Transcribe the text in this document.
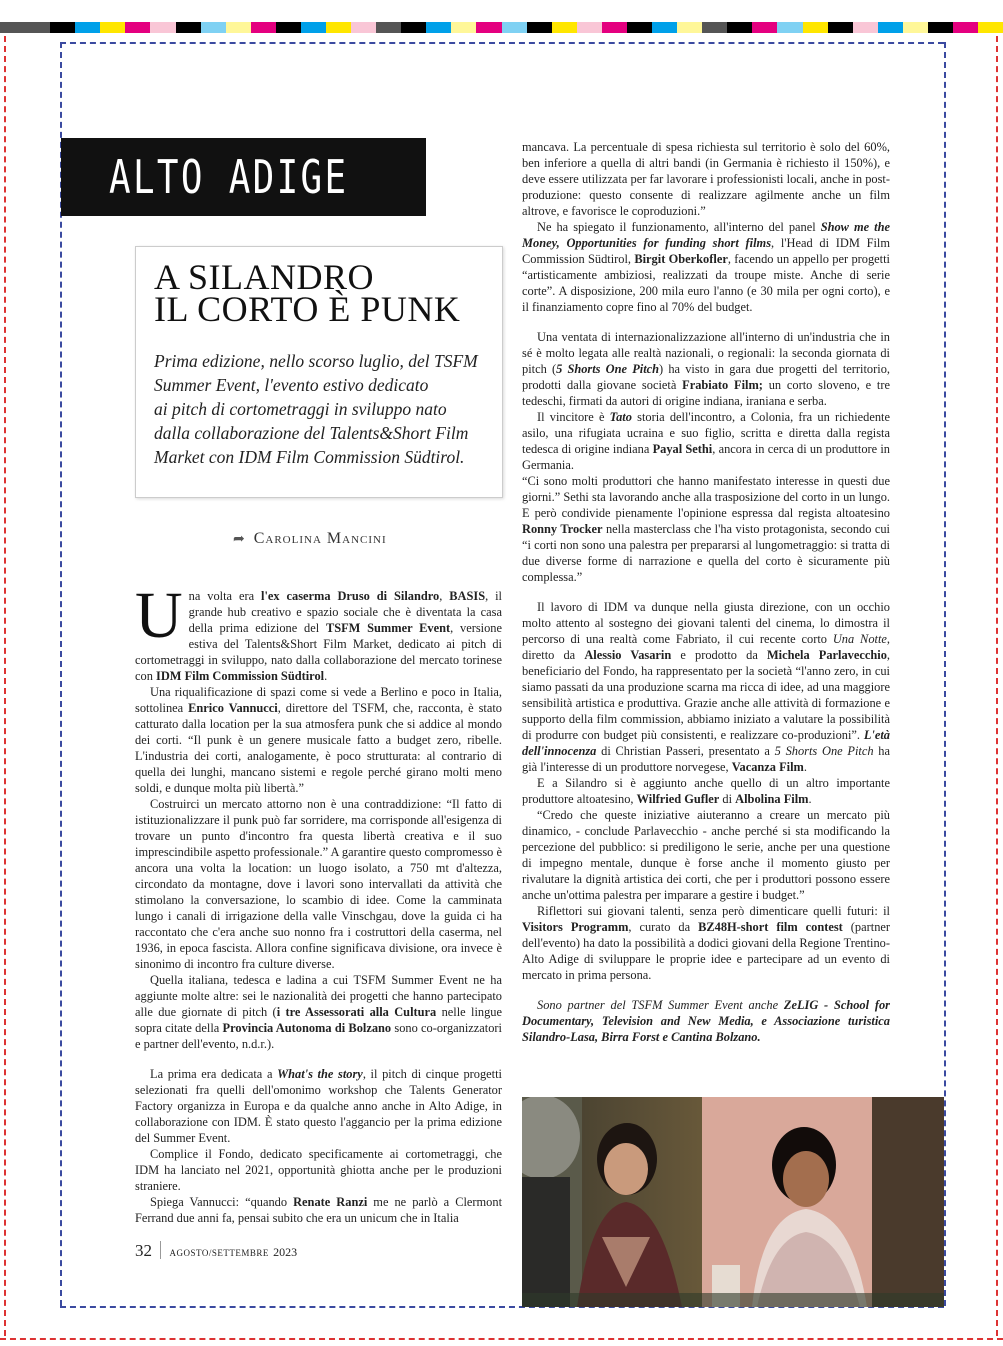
ALTO ADIGE
A SILANDRO
IL CORTO È PUNK
Prima edizione, nello scorso luglio, del TSFM
Summer Event, l'evento estivo dedicato
ai pitch di cortometraggi in sviluppo nato
dalla collaborazione del Talents&Short Film
Market con IDM Film Commission Südtirol.
➦ Carolina Mancini

Una volta era l'ex caserma Druso di Silandro, BASIS, il grande hub creativo e spazio sociale che è diventata la casa della prima edizione del TSFM Summer Event, versione estiva del Talents&Short Film Market, dedicato ai pitch di cortometraggi in sviluppo, nato dalla collaborazione del mercato torinese con IDM Film Commission Südtirol.

Una riqualificazione di spazi come si vede a Berlino e poco in Italia, sottolinea Enrico Vannucci, direttore del TSFM, che, racconta, è stato catturato dalla location per la sua atmosfera punk che si addice al mondo dei corti. “Il punk è un genere musicale fatto a budget zero, ribelle. L'industria dei corti, analogamente, è poco strutturata: al contrario di quella dei lunghi, mancano sistemi e regole perché girano molti meno soldi, e dunque molta più libertà.”

Costruirci un mercato attorno non è una contraddizione: “Il fatto di istituzionalizzare il punk può far sorridere, ma corrisponde all'esigenza di trovare un punto d'incontro fra questa libertà creativa e il suo imprescindibile aspetto professionale.” A garantire questo compromesso è ancora una volta la location: un luogo isolato, a 750 mt d'altezza, circondato da montagne, dove i lavori sono intervallati da attività che stimolano la conversazione, lo scambio di idee. Come la camminata lungo i canali di irrigazione della valle Vinschgau, dove la guida ci ha raccontato che c'era anche suo nonno fra i costruttori della caserma, nel 1936, in epoca fascista. Allora confine significava divisione, ora invece è sinonimo di incontro fra culture diverse.

Quella italiana, tedesca e ladina a cui TSFM Summer Event ne ha aggiunte molte altre: sei le nazionalità dei progetti che hanno partecipato alle due giornate di pitch (i tre Assessorati alla Cultura nelle lingue sopra citate della Provincia Autonoma di Bolzano sono co-organizzatori e partner dell'evento, n.d.r.).

La prima era dedicata a What's the story, il pitch di cinque progetti selezionati fra quelli dell'omonimo workshop che Talents Generator Factory organizza in Europa e da qualche anno anche in Alto Adige, in collaborazione con IDM. È stato questo l'aggancio per la prima edizione del Summer Event.

Complice il Fondo, dedicato specificamente ai cortometraggi, che IDM ha lanciato nel 2021, opportunità ghiotta anche per le produzioni straniere.

Spiega Vannucci: “quando Renate Ranzi me ne parlò a Clermont Ferrand due anni fa, pensai subito che era un unicum che in Italia

mancava. La percentuale di spesa richiesta sul territorio è solo del 60%, ben inferiore a quella di altri bandi (in Germania è richiesto il 150%), e deve essere utilizzata per far lavorare i professionisti locali, anche in post-produzione: questo consente di realizzare agilmente anche un film altrove, e favorisce le coproduzioni.”

Ne ha spiegato il funzionamento, all'interno del panel Show me the Money, Opportunities for funding short films, l'Head di IDM Film Commission Südtirol, Birgit Oberkofler, facendo un appello per progetti “artisticamente ambiziosi, realizzati da troupe miste. Anche di serie corte”. A disposizione, 200 mila euro l'anno (e 30 mila per ogni corto), e il finanziamento copre fino al 70% del budget.

Una ventata di internazionalizzazione all'interno di un'industria che in sé è molto legata alle realtà nazionali, o regionali: la seconda giornata di pitch (5 Shorts One Pitch) ha visto in gara due progetti del territorio, prodotti dalla giovane società Frabiato Film; un corto sloveno, e tre tedeschi, firmati da autori di origine indiana, iraniana e serba.

Il vincitore è Tato storia dell'incontro, a Colonia, fra un richiedente asilo, una rifugiata ucraina e suo figlio, scritta e diretta dalla regista tedesca di origine indiana Payal Sethi, ancora in cerca di un produttore in Germania.

“Ci sono molti produttori che hanno manifestato interesse in questi due giorni.” Sethi sta lavorando anche alla trasposizione del corto in un lungo. E però condivide pienamente l'opinione espressa dal regista altoatesino Ronny Trocker nella masterclass che l'ha visto protagonista, secondo cui “i corti non sono una palestra per prepararsi al lungometraggio: si tratta di due diverse forme di narrazione e quella del corto è sicuramente più complessa.”

Il lavoro di IDM va dunque nella giusta direzione, con un occhio molto attento al sostegno dei giovani talenti del cinema, lo dimostra il percorso di una realtà come Fabriato, il cui recente corto Una Notte, diretto da Alessio Vasarin e prodotto da Michela Parlavecchio, beneficiario del Fondo, ha rappresentato per la società “l'anno zero, in cui siamo passati da una produzione scarna ma ricca di idee, ad una maggiore sensibilità artistica e produttiva. Grazie anche alle attività di formazione e supporto della film commission, abbiamo iniziato a valutare la possibilità di produrre con budget più consistenti, e realizzare co-produzioni”. L'età dell'innocenza di Christian Passeri, presentato a 5 Shorts One Pitch ha già l'interesse di un produttore norvegese, Vacanza Film.

E a Silandro si è aggiunto anche quello di un altro importante produttore altoatesino, Wilfried Gufler di Albolina Film.

“Credo che queste iniziative aiuteranno a creare un mercato più dinamico, - conclude Parlavecchio - anche perché si sta modificando la percezione del pubblico: si prediligono le serie, anche per una questione di impegno mentale, dunque è forse anche il momento giusto per rivalutare la dignità artistica dei corti, che per i produttori possono essere anche un'ottima palestra per imparare a gestire i budget.”

Riflettori sui giovani talenti, senza però dimenticare quelli futuri: il Visitors Programm, curato da BZ48H-short film contest (partner dell'evento) ha dato la possibilità a dodici giovani della Regione Trentino-Alto Adige di sviluppare le proprie idee e partecipare ad un evento di mercato in prima persona.

Sono partner del TSFM Summer Event anche ZeLIG - School for Documentary, Television and New Media, e Associazione turistica Silandro-Lasa, Birra Forst e Cantina Bolzano.

32 AGOSTO/SETTEMBRE 2023
